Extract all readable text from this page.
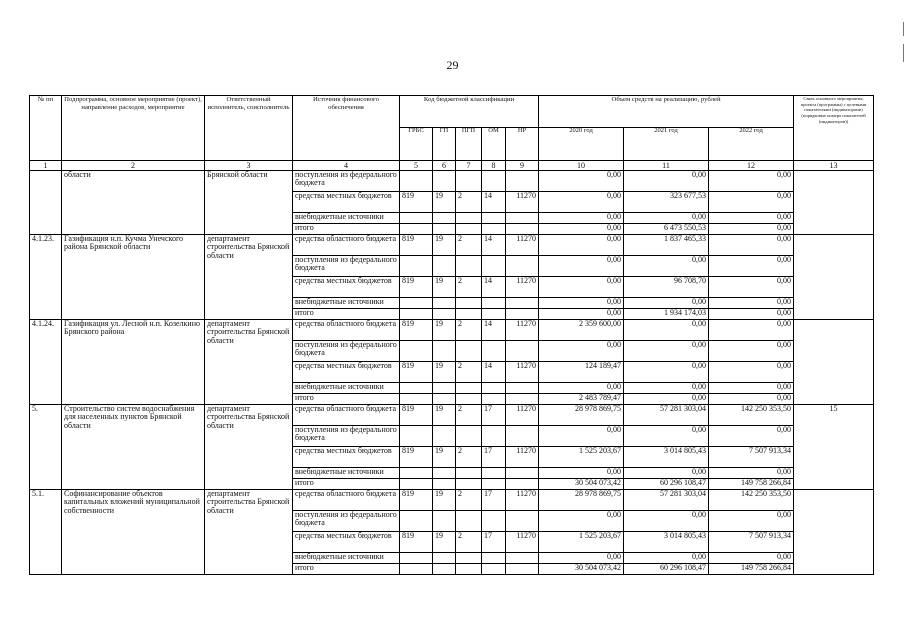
29
№ пп	Подпрограмма, основное мероприятие (проект), направление расходов, мероприятие	Ответственный исполнитель, соисполнитель	Источник финансового обеспечения	Код бюджетной классификации					Объем средств на реализацию, рублей			Связь основного мероприятия, проекта (программы) с целевыми показателями (индикаторами) (порядковые номера показателей (индикаторов))
				ГРБС	ГП	ПГП	ОМ	НР	2020 год	2021 год	2022 год	
1	2	3	4	5	6	7	8	9	10	11	12	13
	области	Брянской области	поступления из федерального бюджета						0,00	0,00	0,00	
			средства местных бюджетов	819	19	2	14	11270	0,00	323 677,53	0,00	
			внебюджетные источники						0,00	0,00	0,00	
			итого						0,00	6 473 550,53	0,00	
4.1.23.	Газификация н.п. Кучма Унечского района Брянской области	департамент строительства Брянской области	средства областного бюджета	819	19	2	14	11270	0,00	1 837 465,33	0,00	
			поступления из федерального бюджета						0,00	0,00	0,00	
			средства местных бюджетов	819	19	2	14	11270	0,00	96 708,70	0,00	
			внебюджетные источники						0,00	0,00	0,00	
			итого						0,00	1 934 174,03	0,00	
4.1.24.	Газификация ул. Лесной н.п. Козелкино Брянского района	департамент строительства Брянской области	средства областного бюджета	819	19	2	14	11270	2 359 600,00	0,00	0,00	
			поступления из федерального бюджета						0,00	0,00	0,00	
			средства местных бюджетов	819	19	2	14	11270	124 189,47	0,00	0,00	
			внебюджетные источники						0,00	0,00	0,00	
			итого						2 483 789,47	0,00	0,00	
5.	Строительство систем водоснабжения для населенных пунктов Брянской области	департамент строительства Брянской области	средства областного бюджета	819	19	2	17	11270	28 978 869,75	57 281 303,04	142 250 353,50	15
			поступления из федерального бюджета						0,00	0,00	0,00	
			средства местных бюджетов	819	19	2	17	11270	1 525 203,67	3 014 805,43	7 507 913,34	
			внебюджетные источники						0,00	0,00	0,00	
			итого						30 504 073,42	60 296 108,47	149 758 266,84	
5.1.	Софинансирование объектов капитальных вложений муниципальной собственности	департамент строительства Брянской области	средства областного бюджета	819	19	2	17	11270	28 978 869,75	57 281 303,04	142 250 353,50	
			поступления из федерального бюджета						0,00	0,00	0,00	
			средства местных бюджетов	819	19	2	17	11270	1 525 203,67	3 014 805,43	7 507 913,34	
			внебюджетные источники						0,00	0,00	0,00	
			итого						30 504 073,42	60 296 108,47	149 758 266,84	
